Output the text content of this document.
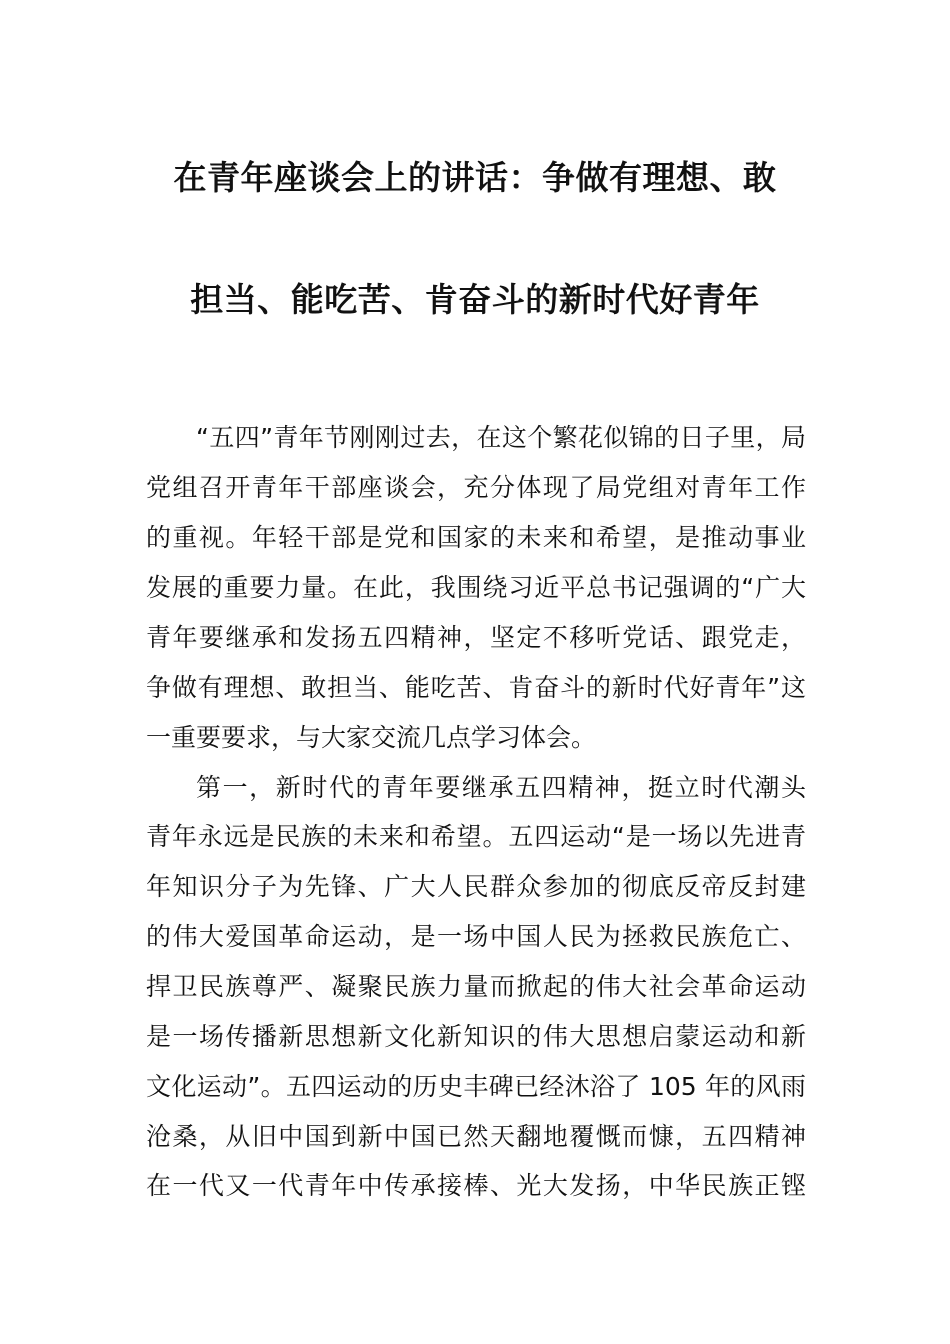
在青年座谈会上的讲话：争做有理想、敢
担当、能吃苦、肯奋斗的新时代好青年
“五四”青年节刚刚过去，在这个繁花似锦的日子里，局
党组召开青年干部座谈会，充分体现了局党组对青年工作
的重视。年轻干部是党和国家的未来和希望，是推动事业
发展的重要力量。在此，我围绕习近平总书记强调的“广大
青年要继承和发扬五四精神，坚定不移听党话、跟党走，
争做有理想、敢担当、能吃苦、肯奋斗的新时代好青年”这
一重要要求，与大家交流几点学习体会。
第一，新时代的青年要继承五四精神，挺立时代潮头
青年永远是民族的未来和希望。五四运动“是一场以先进青
年知识分子为先锋、广大人民群众参加的彻底反帝反封建
的伟大爱国革命运动，是一场中国人民为拯救民族危亡、
捍卫民族尊严、凝聚民族力量而掀起的伟大社会革命运动
是一场传播新思想新文化新知识的伟大思想启蒙运动和新
文化运动”。五四运动的历史丰碑已经沐浴了 105 年的风雨
沧桑，从旧中国到新中国已然天翻地覆慨而慷，五四精神
在一代又一代青年中传承接棒、光大发扬，中华民族正铿
